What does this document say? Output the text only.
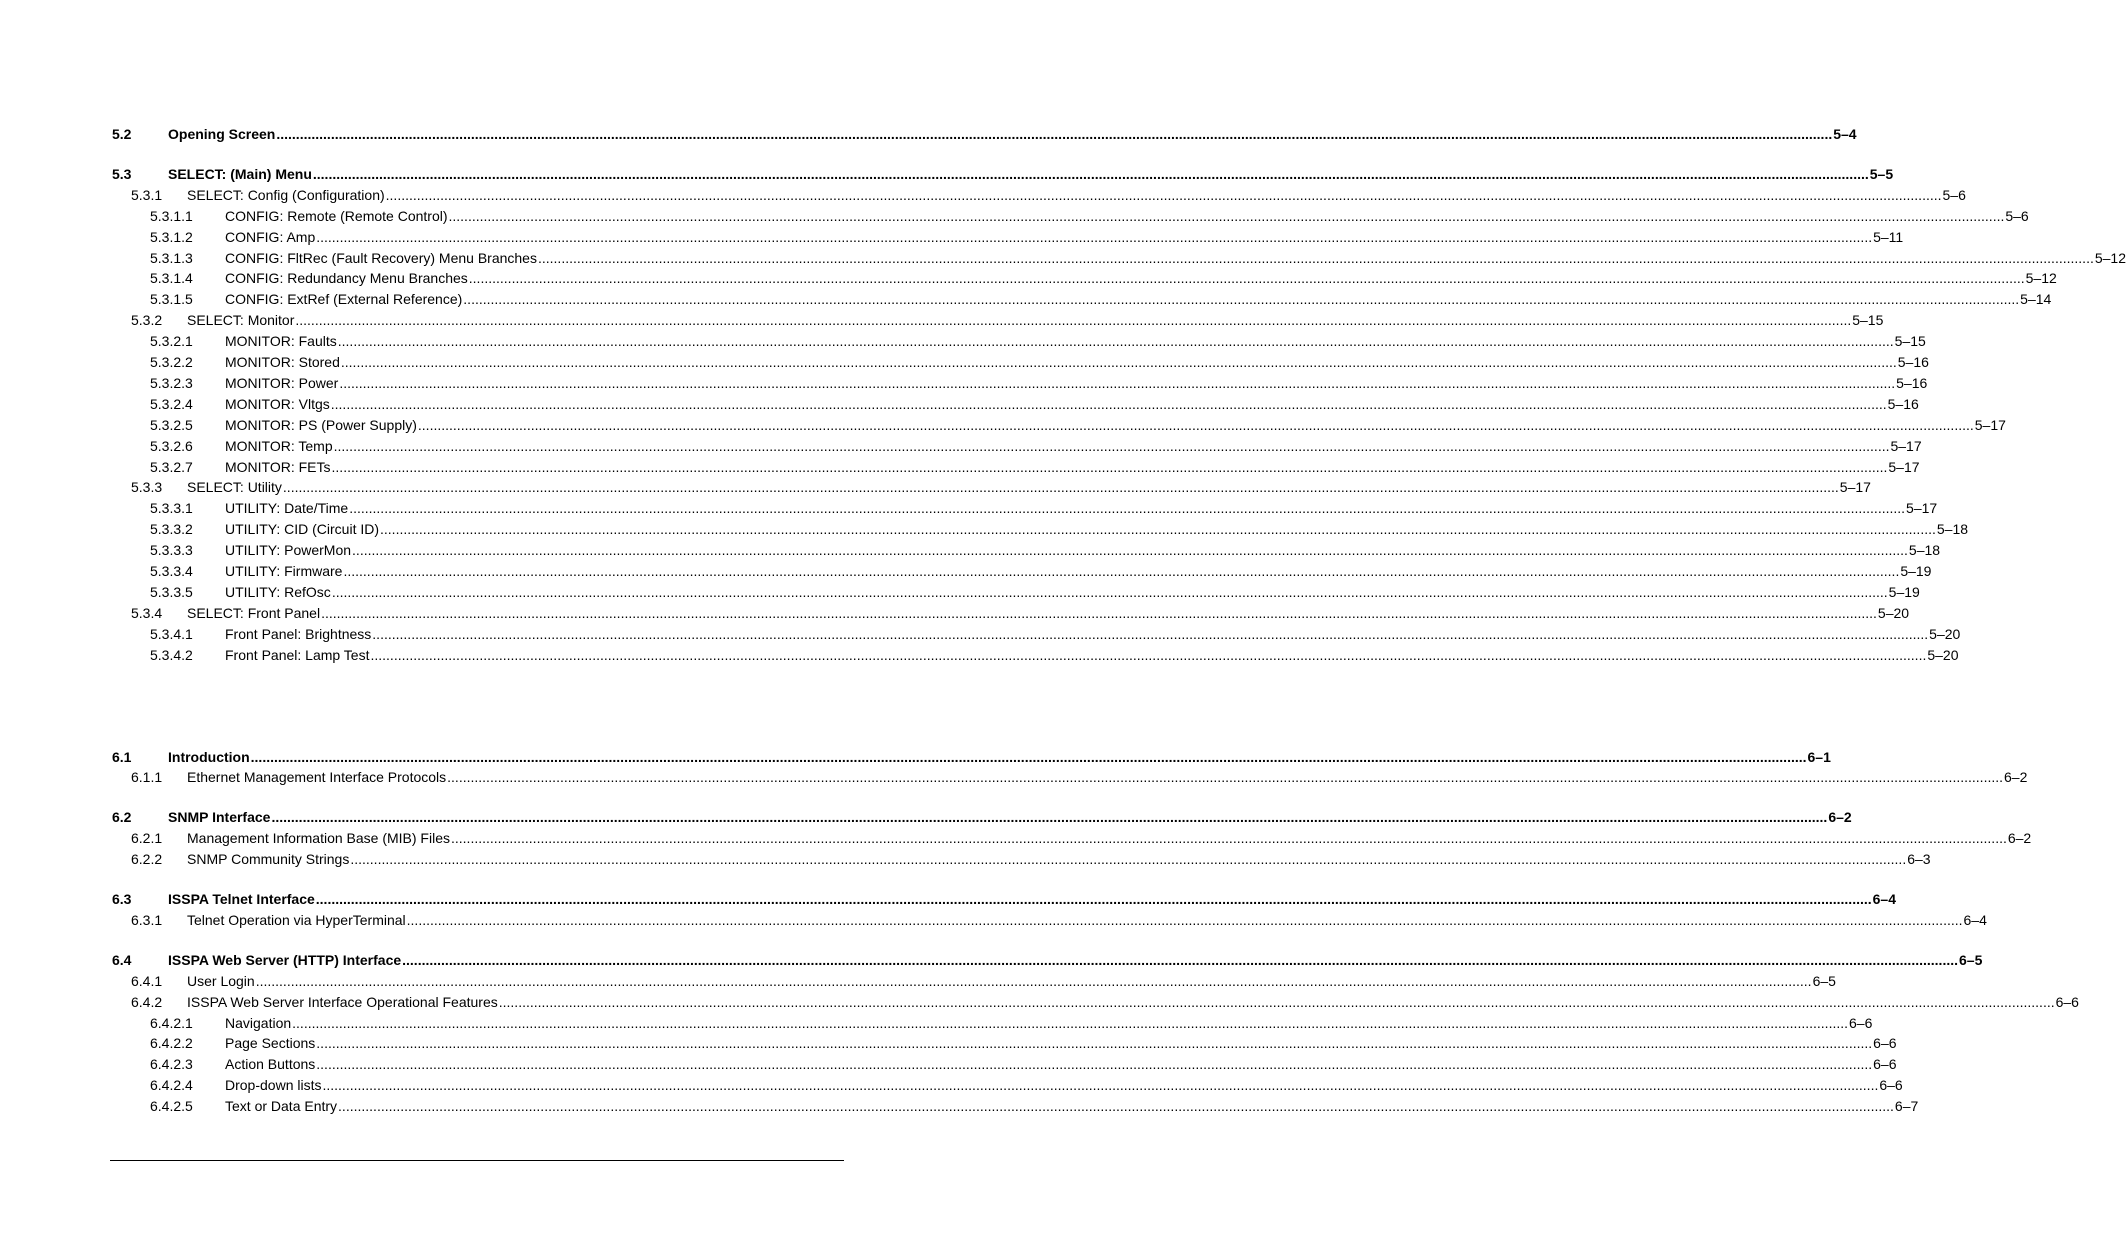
5.2	Opening Screen ................................................................................................................................................................................................................................................................................................................................................................................................................ 5–4
5.3	SELECT: (Main) Menu ................................................................................................................................................................................................................................................................................................................................................................................................................ 5–5
5.3.1	SELECT: Config (Configuration) ................................................................................................................................................................................................................................................................................................................................................................................................................ 5–6
5.3.1.1	CONFIG: Remote (Remote Control) ................................................................................................................................................................................................................................................................................................................................................................................................................ 5–6
5.3.1.2	CONFIG: Amp ................................................................................................................................................................................................................................................................................................................................................................................................................ 5–11
5.3.1.3	CONFIG: FltRec (Fault Recovery) Menu Branches ................................................................................................................................................................................................................................................................................................................................................................................................................ 5–12
5.3.1.4	CONFIG: Redundancy Menu Branches ................................................................................................................................................................................................................................................................................................................................................................................................................ 5–12
5.3.1.5	CONFIG: ExtRef (External Reference) ................................................................................................................................................................................................................................................................................................................................................................................................................ 5–14
5.3.2	SELECT: Monitor ................................................................................................................................................................................................................................................................................................................................................................................................................ 5–15
5.3.2.1	MONITOR: Faults ................................................................................................................................................................................................................................................................................................................................................................................................................ 5–15
5.3.2.2	MONITOR: Stored ................................................................................................................................................................................................................................................................................................................................................................................................................ 5–16
5.3.2.3	MONITOR: Power ................................................................................................................................................................................................................................................................................................................................................................................................................ 5–16
5.3.2.4	MONITOR: Vltgs ................................................................................................................................................................................................................................................................................................................................................................................................................ 5–16
5.3.2.5	MONITOR: PS (Power Supply) ................................................................................................................................................................................................................................................................................................................................................................................................................ 5–17
5.3.2.6	MONITOR: Temp ................................................................................................................................................................................................................................................................................................................................................................................................................ 5–17
5.3.2.7	MONITOR: FETs ................................................................................................................................................................................................................................................................................................................................................................................................................ 5–17
5.3.3	SELECT: Utility ................................................................................................................................................................................................................................................................................................................................................................................................................ 5–17
5.3.3.1	UTILITY: Date/Time ................................................................................................................................................................................................................................................................................................................................................................................................................ 5–17
5.3.3.2	UTILITY: CID (Circuit ID) ................................................................................................................................................................................................................................................................................................................................................................................................................ 5–18
5.3.3.3	UTILITY: PowerMon ................................................................................................................................................................................................................................................................................................................................................................................................................ 5–18
5.3.3.4	UTILITY: Firmware ................................................................................................................................................................................................................................................................................................................................................................................................................ 5–19
5.3.3.5	UTILITY: RefOsc ................................................................................................................................................................................................................................................................................................................................................................................................................ 5–19
5.3.4	SELECT: Front Panel ................................................................................................................................................................................................................................................................................................................................................................................................................ 5–20
5.3.4.1	Front Panel: Brightness ................................................................................................................................................................................................................................................................................................................................................................................................................ 5–20
5.3.4.2	Front Panel: Lamp Test ................................................................................................................................................................................................................................................................................................................................................................................................................ 5–20
6.1	Introduction ................................................................................................................................................................................................................................................................................................................................................................................................................ 6–1
6.1.1	Ethernet Management Interface Protocols ................................................................................................................................................................................................................................................................................................................................................................................................................ 6–2
6.2	SNMP Interface ................................................................................................................................................................................................................................................................................................................................................................................................................ 6–2
6.2.1	Management Information Base (MIB) Files ................................................................................................................................................................................................................................................................................................................................................................................................................ 6–2
6.2.2	SNMP Community Strings ................................................................................................................................................................................................................................................................................................................................................................................................................ 6–3
6.3	ISSPA Telnet Interface ................................................................................................................................................................................................................................................................................................................................................................................................................ 6–4
6.3.1	Telnet Operation via HyperTerminal ................................................................................................................................................................................................................................................................................................................................................................................................................ 6–4
6.4	ISSPA Web Server (HTTP) Interface ................................................................................................................................................................................................................................................................................................................................................................................................................ 6–5
6.4.1	User Login ................................................................................................................................................................................................................................................................................................................................................................................................................ 6–5
6.4.2	ISSPA Web Server Interface Operational Features ................................................................................................................................................................................................................................................................................................................................................................................................................ 6–6
6.4.2.1	Navigation ................................................................................................................................................................................................................................................................................................................................................................................................................ 6–6
6.4.2.2	Page Sections ................................................................................................................................................................................................................................................................................................................................................................................................................ 6–6
6.4.2.3	Action Buttons ................................................................................................................................................................................................................................................................................................................................................................................................................ 6–6
6.4.2.4	Drop-down lists ................................................................................................................................................................................................................................................................................................................................................................................................................ 6–6
6.4.2.5	Text or Data Entry ................................................................................................................................................................................................................................................................................................................................................................................................................ 6–7
